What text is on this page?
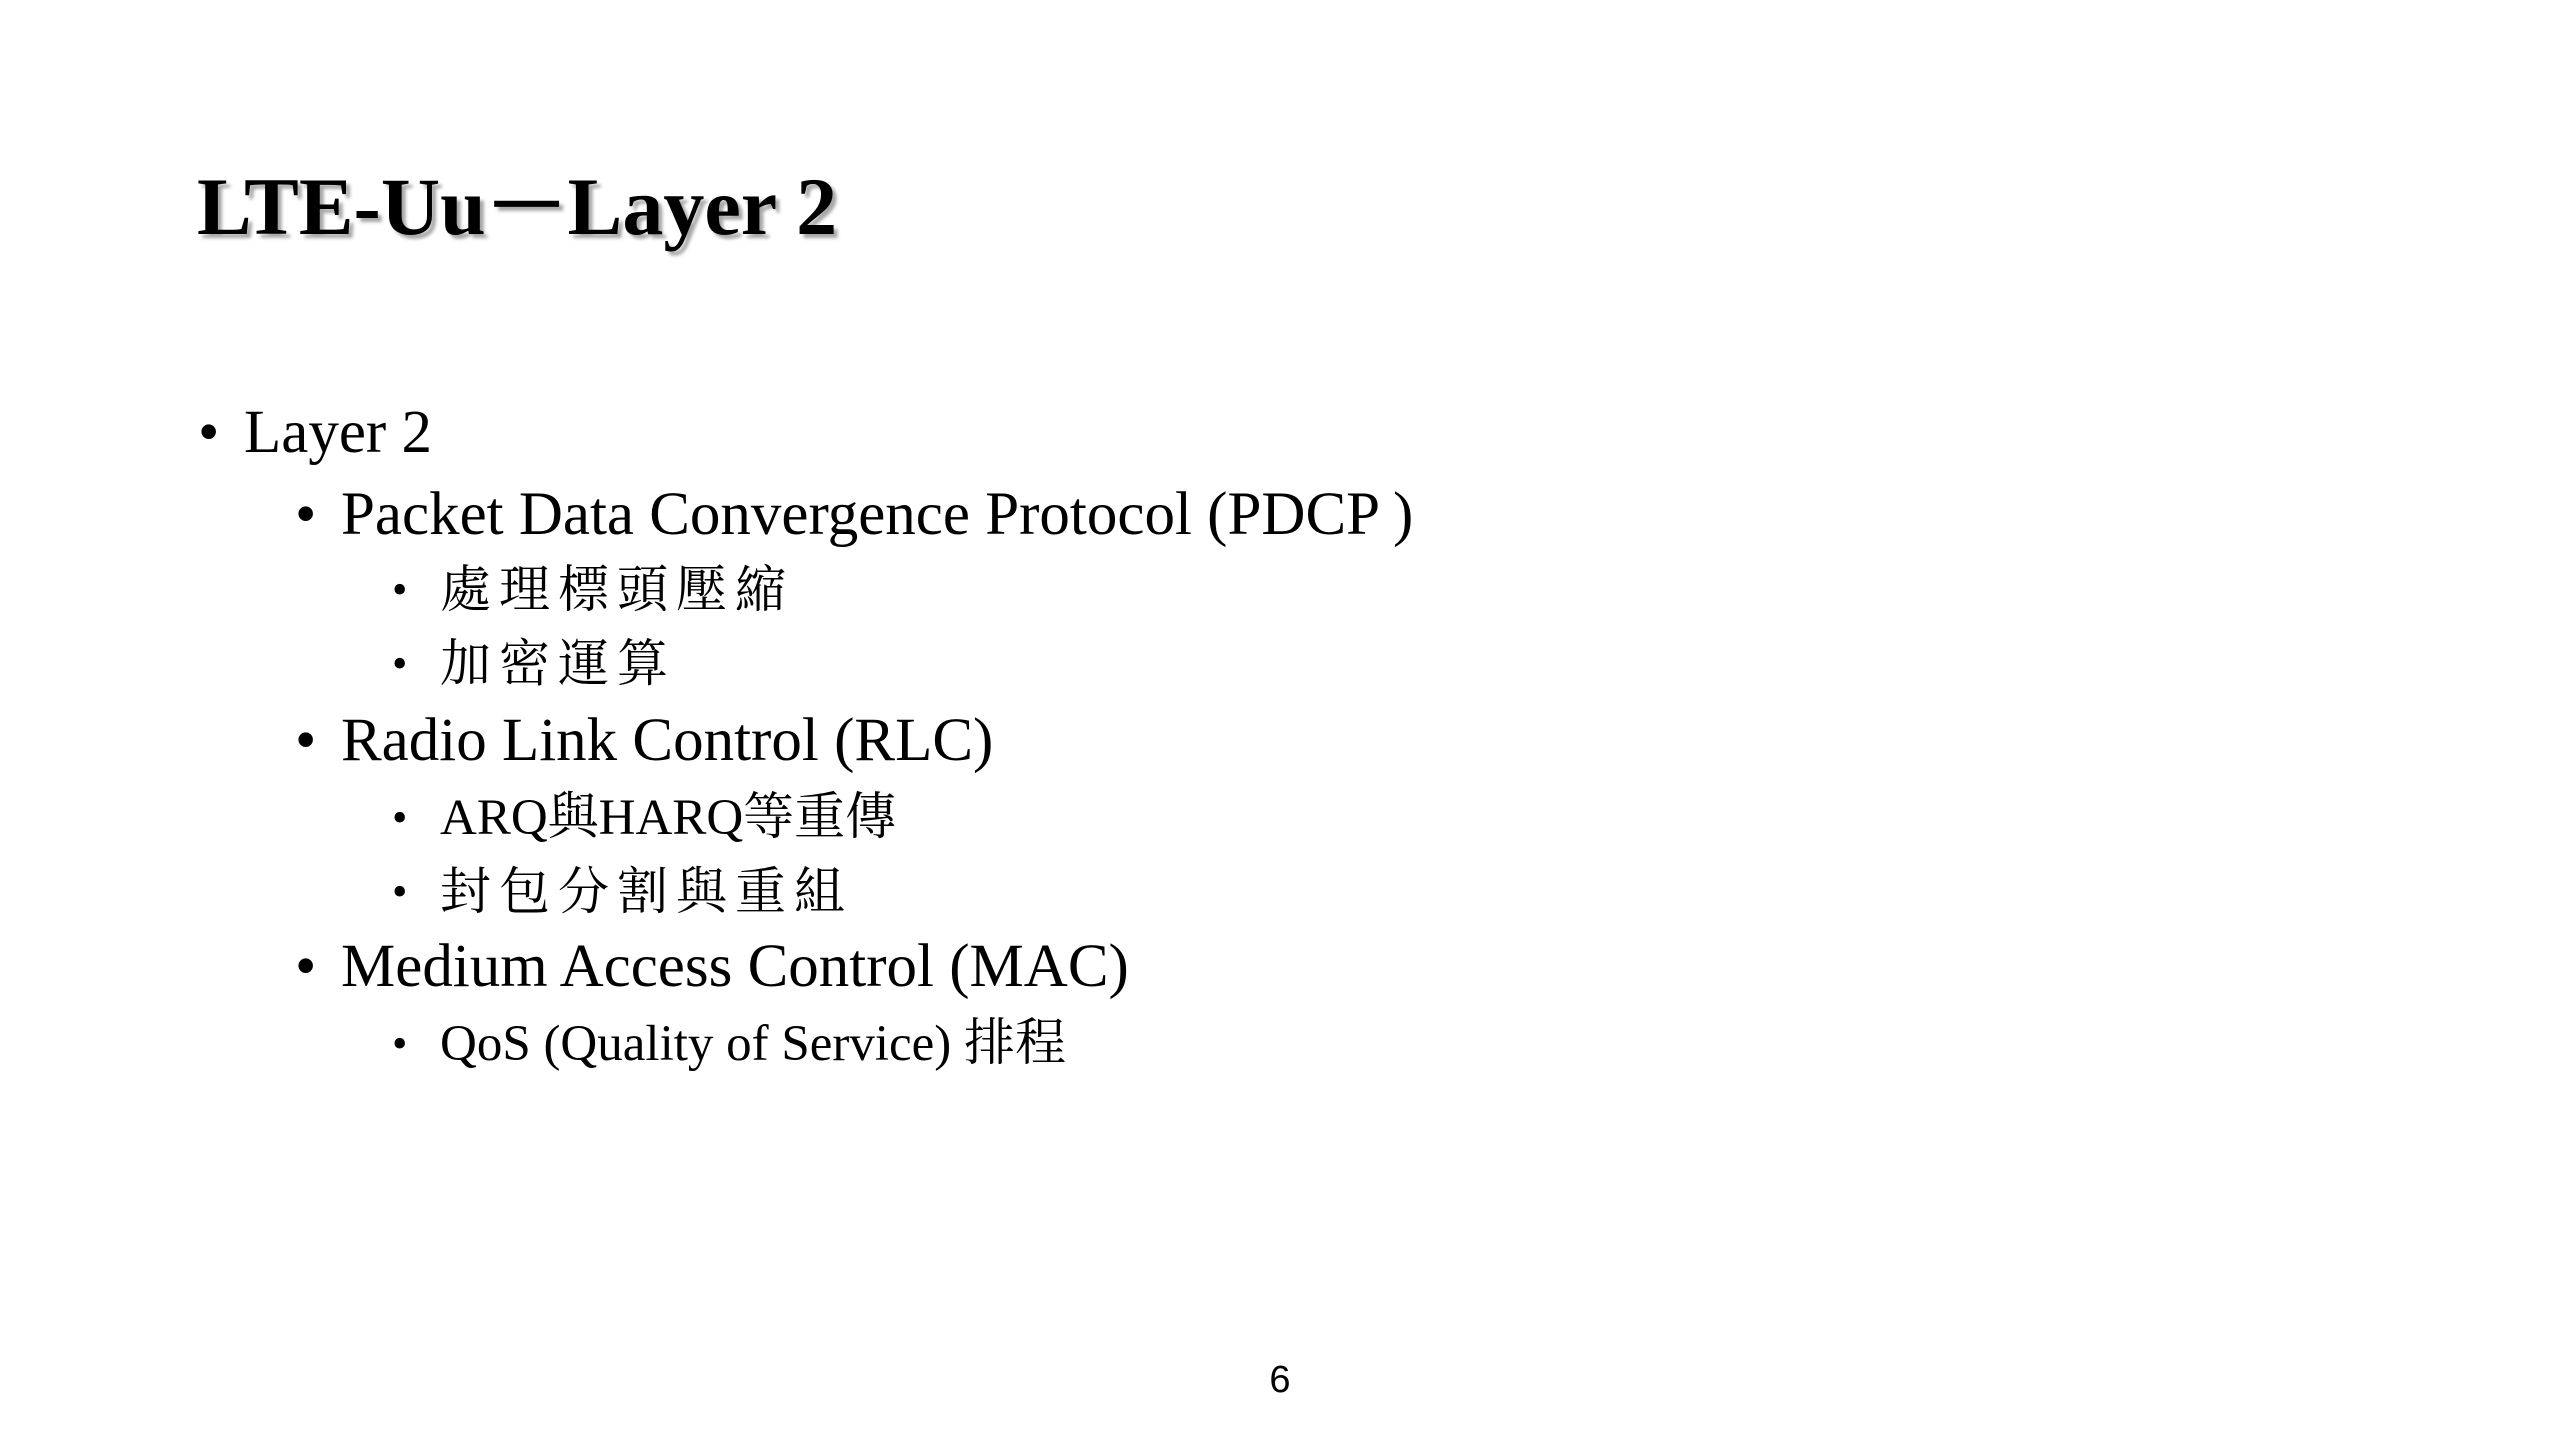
LTE-Uu－Layer 2
• Layer 2
• Packet Data Convergence Protocol (PDCP )
• 處理標頭壓縮
• 加密運算
• Radio Link Control (RLC)
• ARQ與HARQ等重傳
• 封包分割與重組
• Medium Access Control (MAC)
• QoS (Quality of Service) 排程
6
